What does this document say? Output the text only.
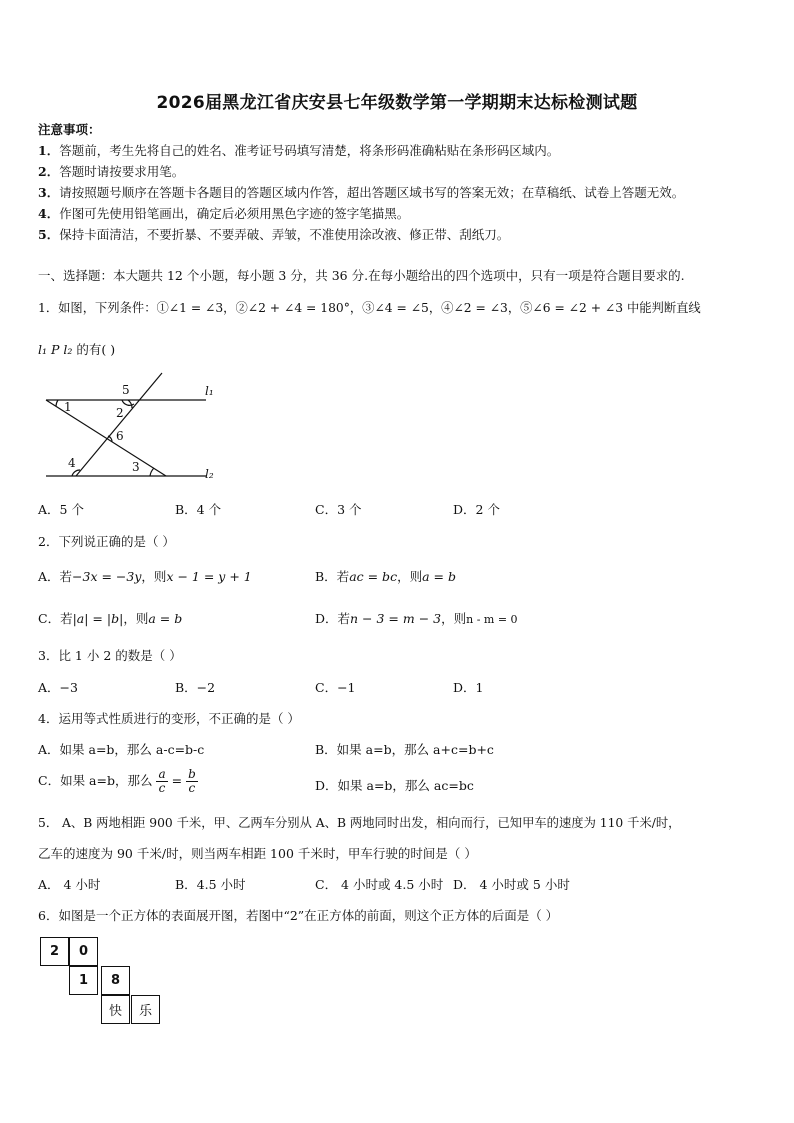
2026届黑龙江省庆安县七年级数学第一学期期末达标检测试题
注意事项：
1．答题前，考生先将自己的姓名、准考证号码填写清楚，将条形码准确粘贴在条形码区域内。
2．答题时请按要求用笔。
3．请按照题号顺序在答题卡各题目的答题区域内作答，超出答题区域书写的答案无效；在草稿纸、试卷上答题无效。
4．作图可先使用铅笔画出，确定后必须用黑色字迹的签字笔描黑。
5．保持卡面清洁，不要折暴、不要弄破、弄皱，不准使用涂改液、修正带、刮纸刀。
一、选择题：本大题共 12 个小题，每小题 3 分，共 36 分.在每小题给出的四个选项中，只有一项是符合题目要求的.
1．如图，下列条件：①∠1 = ∠3，②∠2 + ∠4 = 180°，③∠4 = ∠5，④∠2 = ∠3，⑤∠6 = ∠2 + ∠3 中能判断直线
l₁ P l₂ 的有( )
1	2
3
4
5
6
l₁
l₂
A．5 个	B．4 个	C．3 个	D．2 个
2．下列说正确的是（ ）
A．若−3x = −3y，则x − 1 = y + 1	B．若ac = bc，则a = b
C．若|a| = |b|，则a = b	D．若n − 3 = m − 3，则n - m = 0
3．比 1 小 2 的数是（ ）
A．−3	B．−2	C．−1	D．1
4．运用等式性质进行的变形，不正确的是（ ）
A．如果 a=b，那么 a-c=b-c	B．如果 a=b，那么 a+c=b+c
C．如果 a=b，那么 $\frac{a}{c} = \frac{b}{c}$	D．如果 a=b，那么 ac=bc
5． A、B 两地相距 900 千米，甲、乙两车分别从 A、B 两地同时出发，相向而行，已知甲车的速度为 110 千米/时，
乙车的速度为 90 千米/时，则当两车相距 100 千米时，甲车行驶的时间是（ ）
A． 4 小时	B．4.5 小时	C． 4 小时或 4.5 小时 D． 4 小时或 5 小时
6．如图是一个正方体的表面展开图，若图中“2”在正方体的前面，则这个正方体的后面是（ ）
2	0
1	8
快	乐
